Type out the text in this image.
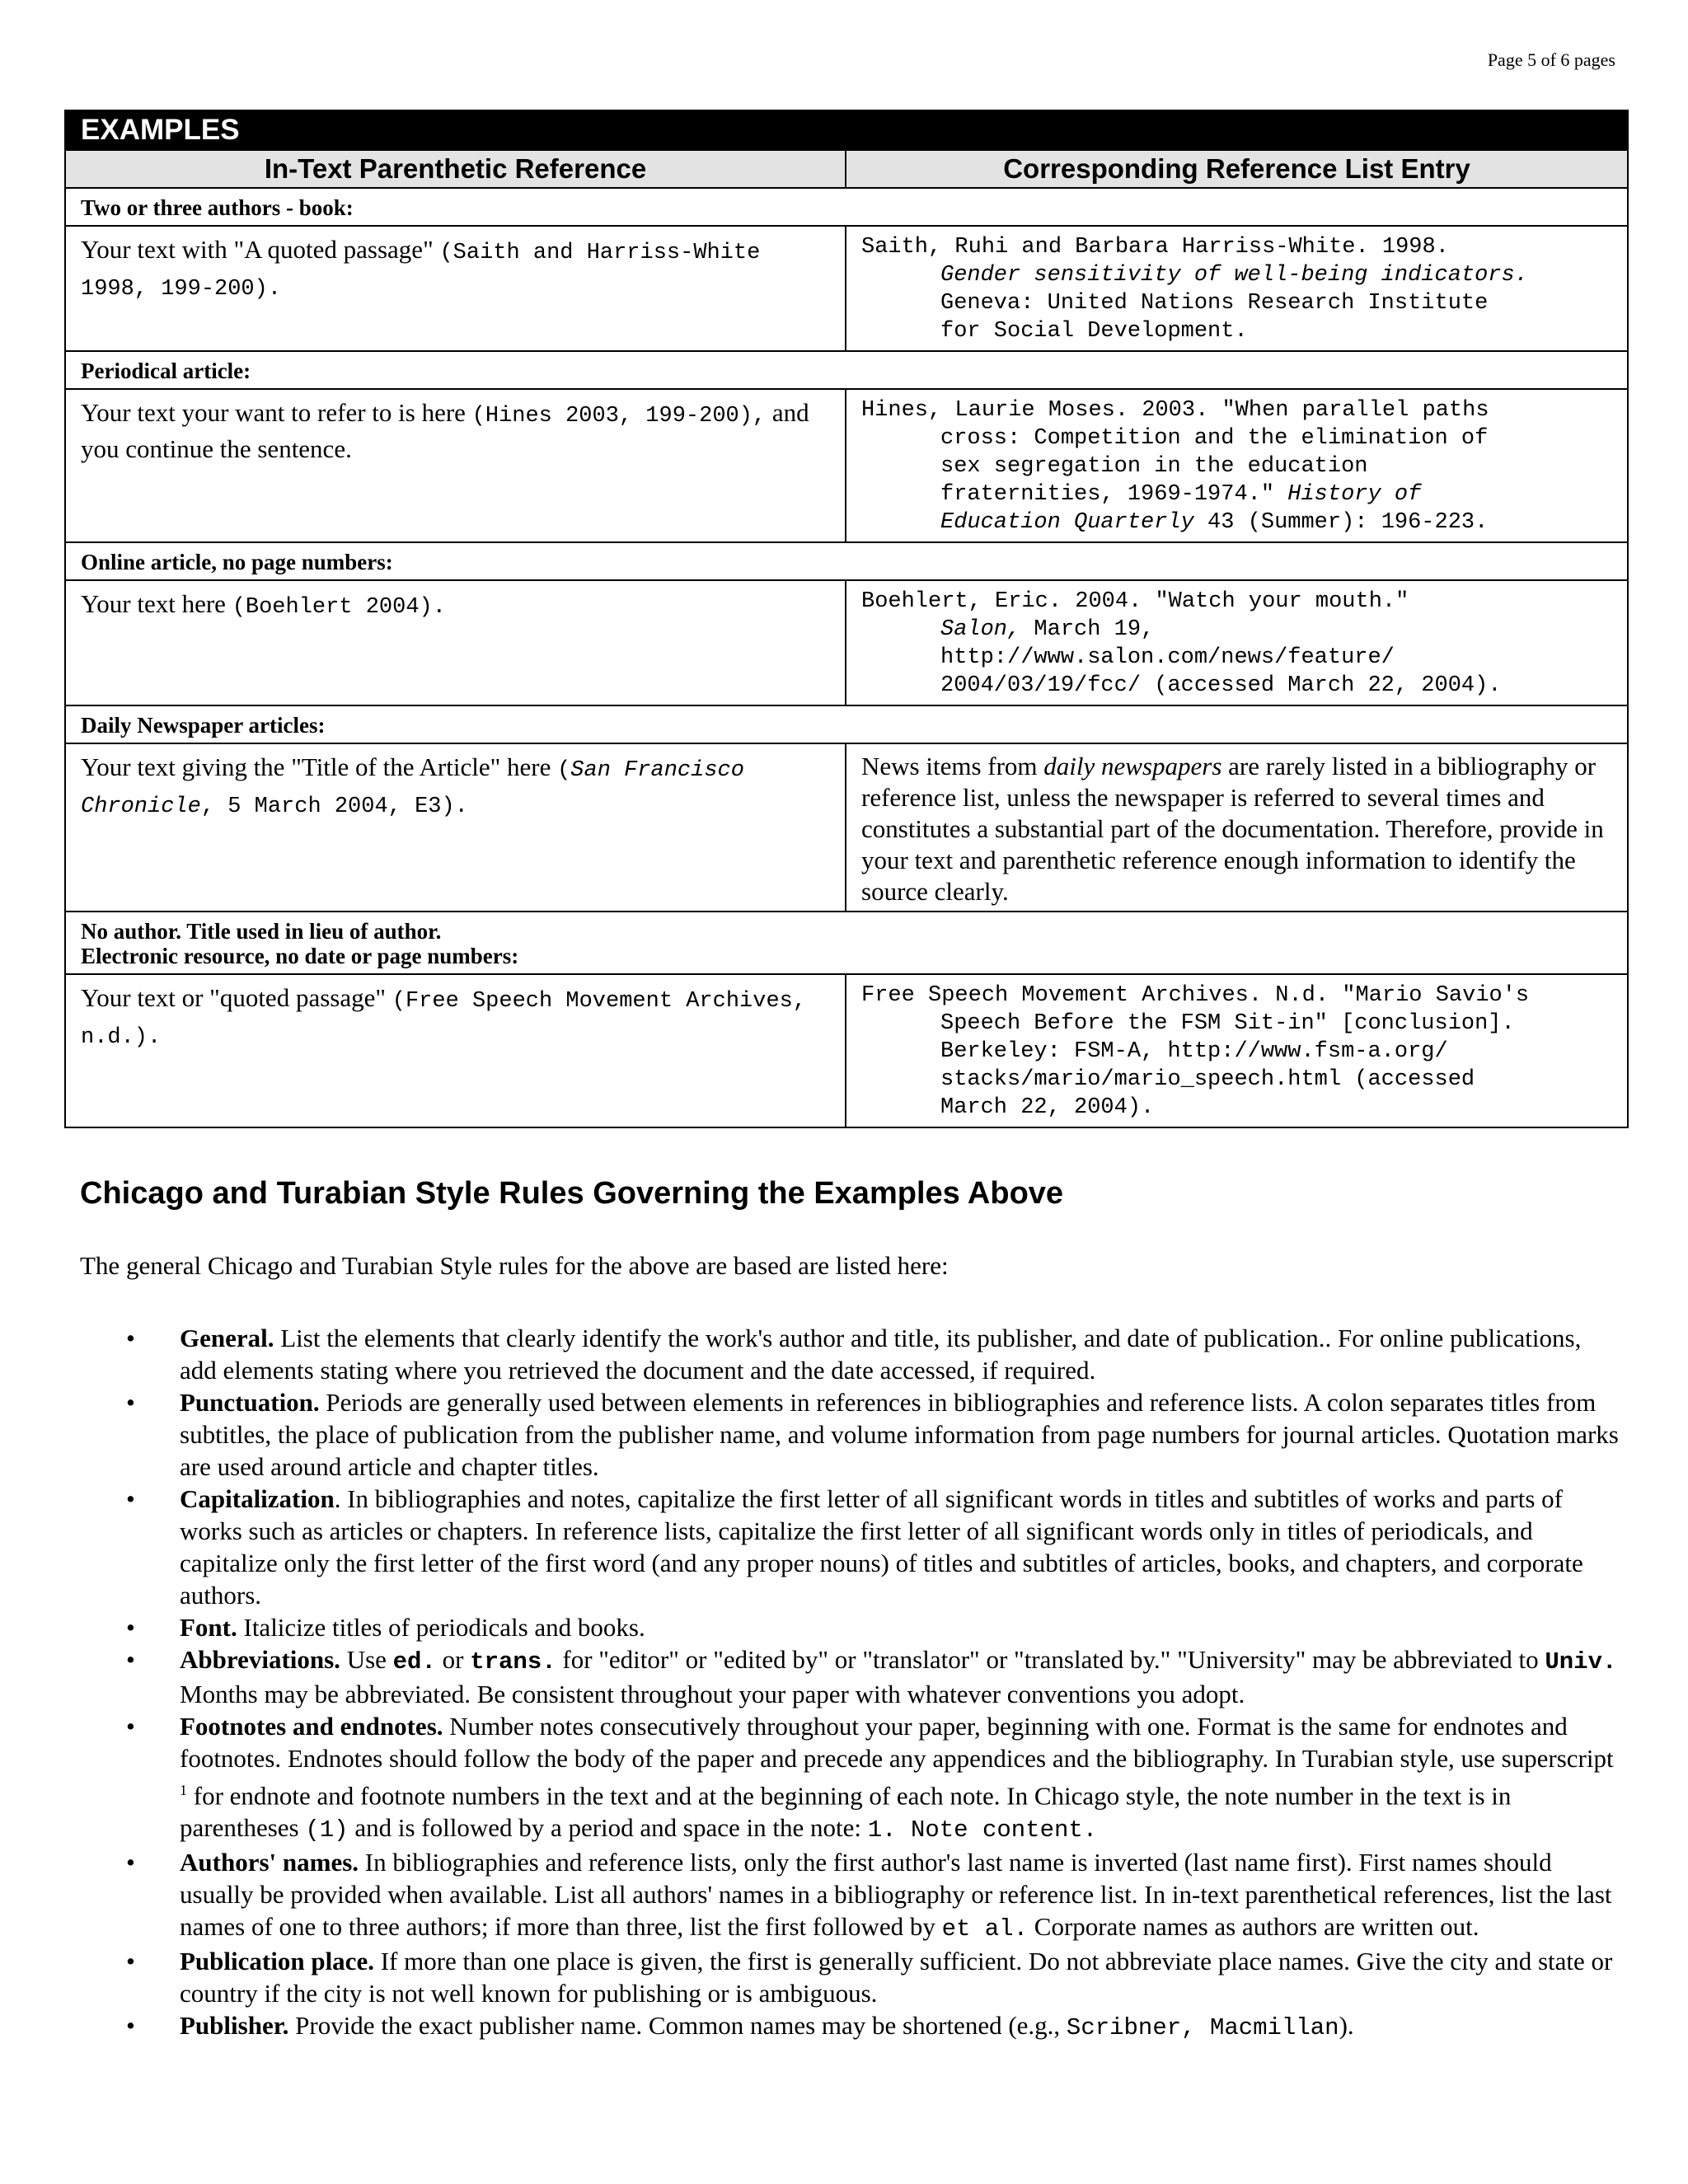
Page 5 of 6 pages
EXAMPLES	
In-Text Parenthetic Reference	Corresponding Reference List Entry
Two or three authors - book:	
Your text with "A quoted passage" (Saith and Harriss-White 1998, 199-200).	Saith, Ruhi and Barbara Harriss-White. 1998.
Gender sensitivity of well-being indicators.
Geneva: United Nations Research Institute
for Social Development.

Periodical article:	
Your text your want to refer to is here (Hines 2003, 199-200), and you continue the sentence.	Hines, Laurie Moses. 2003. "When parallel paths
cross: Competition and the elimination of
sex segregation in the education
fraternities, 1969-1974." History of
Education Quarterly 43 (Summer): 196-223.

Online article, no page numbers:	
Your text here (Boehlert 2004).	Boehlert, Eric. 2004. "Watch your mouth."
Salon, March 19,
http://www.salon.com/news/feature/
2004/03/19/fcc/ (accessed March 22, 2004).

Daily Newspaper articles:	
Your text giving the "Title of the Article" here (San Francisco Chronicle, 5 March 2004, E3).	News items from daily newspapers are rarely listed in a bibliography or reference list, unless the newspaper is referred to several times and constitutes a substantial part of the documentation. Therefore, provide in your text and parenthetic reference enough information to identify the source clearly.
No author. Title used in lieu of author.
Electronic resource, no date or page numbers:	
Your text or "quoted passage" (Free Speech Movement Archives, n.d.).	Free Speech Movement Archives. N.d. "Mario Savio's
Speech Before the FSM Sit-in" [conclusion].
Berkeley: FSM-A, http://www.fsm-a.org/
stacks/mario/mario_speech.html (accessed
March 22, 2004).
Chicago and Turabian Style Rules Governing the Examples Above

The general Chicago and Turabian Style rules for the above are based are listed here:

• General. List the elements that clearly identify the work's author and title, its publisher, and date of publication.. For online publications, add elements stating where you retrieved the document and the date accessed, if required.
• Punctuation. Periods are generally used between elements in references in bibliographies and reference lists. A colon separates titles from subtitles, the place of publication from the publisher name, and volume information from page numbers for journal articles. Quotation marks are used around article and chapter titles.
• Capitalization. In bibliographies and notes, capitalize the first letter of all significant words in titles and subtitles of works and parts of works such as articles or chapters. In reference lists, capitalize the first letter of all significant words only in titles of periodicals, and capitalize only the first letter of the first word (and any proper nouns) of titles and subtitles of articles, books, and chapters, and corporate authors.
• Font. Italicize titles of periodicals and books.
• Abbreviations. Use ed. or trans. for "editor" or "edited by" or "translator" or "translated by." "University" may be abbreviated to Univ. Months may be abbreviated. Be consistent throughout your paper with whatever conventions you adopt.
• Footnotes and endnotes. Number notes consecutively throughout your paper, beginning with one. Format is the same for endnotes and footnotes. Endnotes should follow the body of the paper and precede any appendices and the bibliography. In Turabian style, use superscript $^1$ for endnote and footnote numbers in the text and at the beginning of each note. In Chicago style, the note number in the text is in parentheses (1) and is followed by a period and space in the note: 1. Note content.
• Authors' names. In bibliographies and reference lists, only the first author's last name is inverted (last name first). First names should usually be provided when available. List all authors' names in a bibliography or reference list. In in-text parenthetical references, list the last names of one to three authors; if more than three, list the first followed by et al. Corporate names as authors are written out.
• Publication place. If more than one place is given, the first is generally sufficient. Do not abbreviate place names. Give the city and state or country if the city is not well known for publishing or is ambiguous.
• Publisher. Provide the exact publisher name. Common names may be shortened (e.g., Scribner, Macmillan).
